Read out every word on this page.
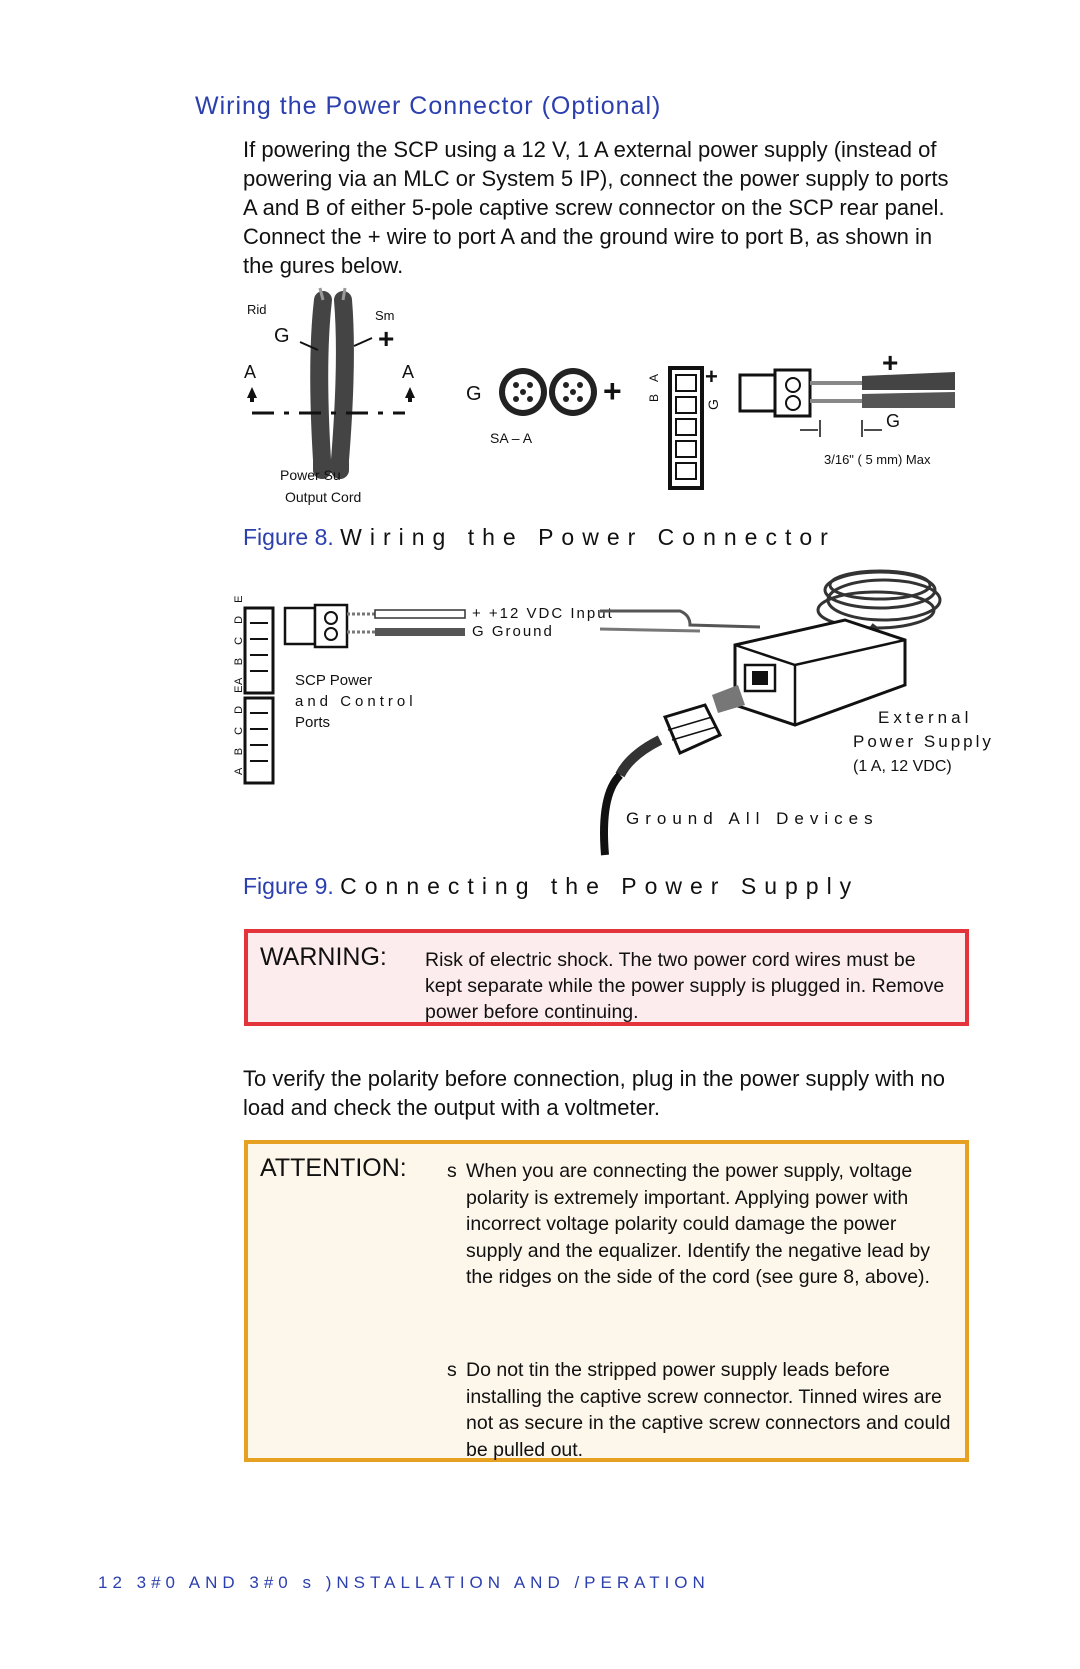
Wiring the Power Connector (Optional)
If powering the SCP using a 12 V, 1 A external power supply (instead of powering via an MLC or System 5 IP), connect the power supply to ports A and B of either 5-pole captive screw connector on the SCP rear panel. Connect the + wire to port A and the ground wire to port B, as shown in the gures below.
Rid	Sm
G	+
A	A
Power Su
Output Cord
G	+
SA – A
B
A +
G
+
G
3/16" ( 5 mm) Max
Figure 8. Wiring the Power Connector
A B C D E
A B C D E
+ +12 VDC Input
G Ground
SCP Power
and Control
Ports	External
Power Supply
(1 A, 12 VDC)
Ground All Devices
Figure 9. Connecting the Power Supply
WARNING: Risk of electric shock. The two power cord wires must be kept separate while the power supply is plugged in. Remove power before continuing.
To verify the polarity before connection, plug in the power supply with no load and check the output with a voltmeter.
ATTENTION: s When you are connecting the power supply, voltage polarity is extremely important. Applying power with incorrect voltage polarity could damage the power supply and the equalizer. Identify the negative lead by the ridges on the side of the cord (see gure 8, above).
s Do not tin the stripped power supply leads before installing the captive screw connector. Tinned wires are not as secure in the captive screw connectors and could be pulled out.
12 3#0 AND 3#0 s )NSTALLATION AND /PERATION
